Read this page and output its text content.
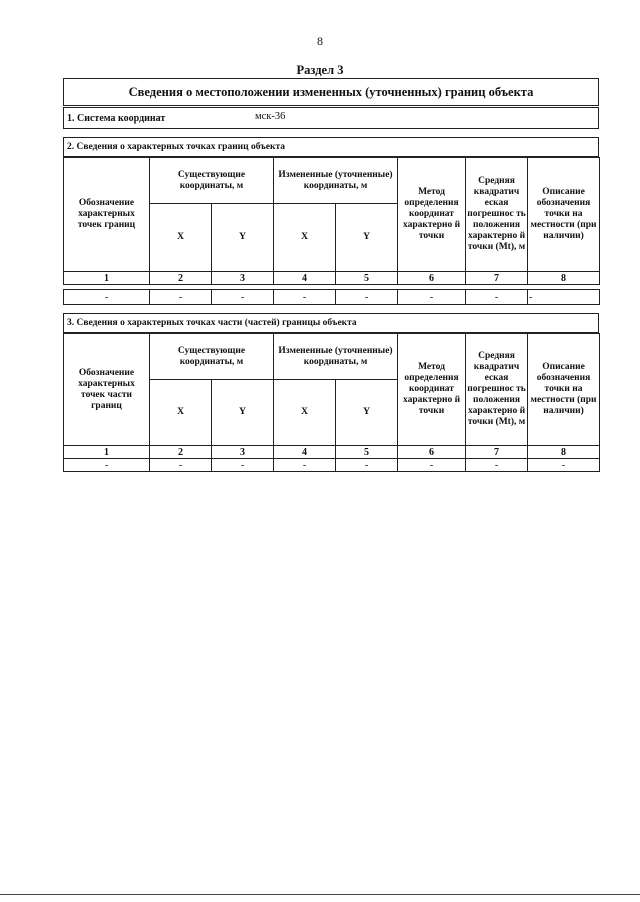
8
Раздел 3
Сведения о местоположении измененных (уточненных) границ объекта
1. Система координат	мск-36
2. Сведения о характерных точках границ объекта
Обозначение характерных точек границ	Существующие координаты, м		Измененные (уточненные) координаты, м		Метод определения координат характерно й точки	Средняя квадратич еская погрешнос ть положения характерно й точки (Mt), м	Описание обозначения точки на местности (при наличии)
	X	Y	X	Y			
1	2	3	4	5	6	7	8

-	-	-	-	-	-	-	-
3. Сведения о характерных точках части (частей) границы объекта
Обозначение характерных точек части границ	Существующие координаты, м		Измененные (уточненные) координаты, м		Метод определения координат характерно й точки	Средняя квадратич еская погрешнос ть положения характерно й точки (Mt), м	Описание обозначения точки на местности (при наличии)
	X	Y	X	Y			
1	2	3	4	5	6	7	8
-	-	-	-	-	-	-	-
